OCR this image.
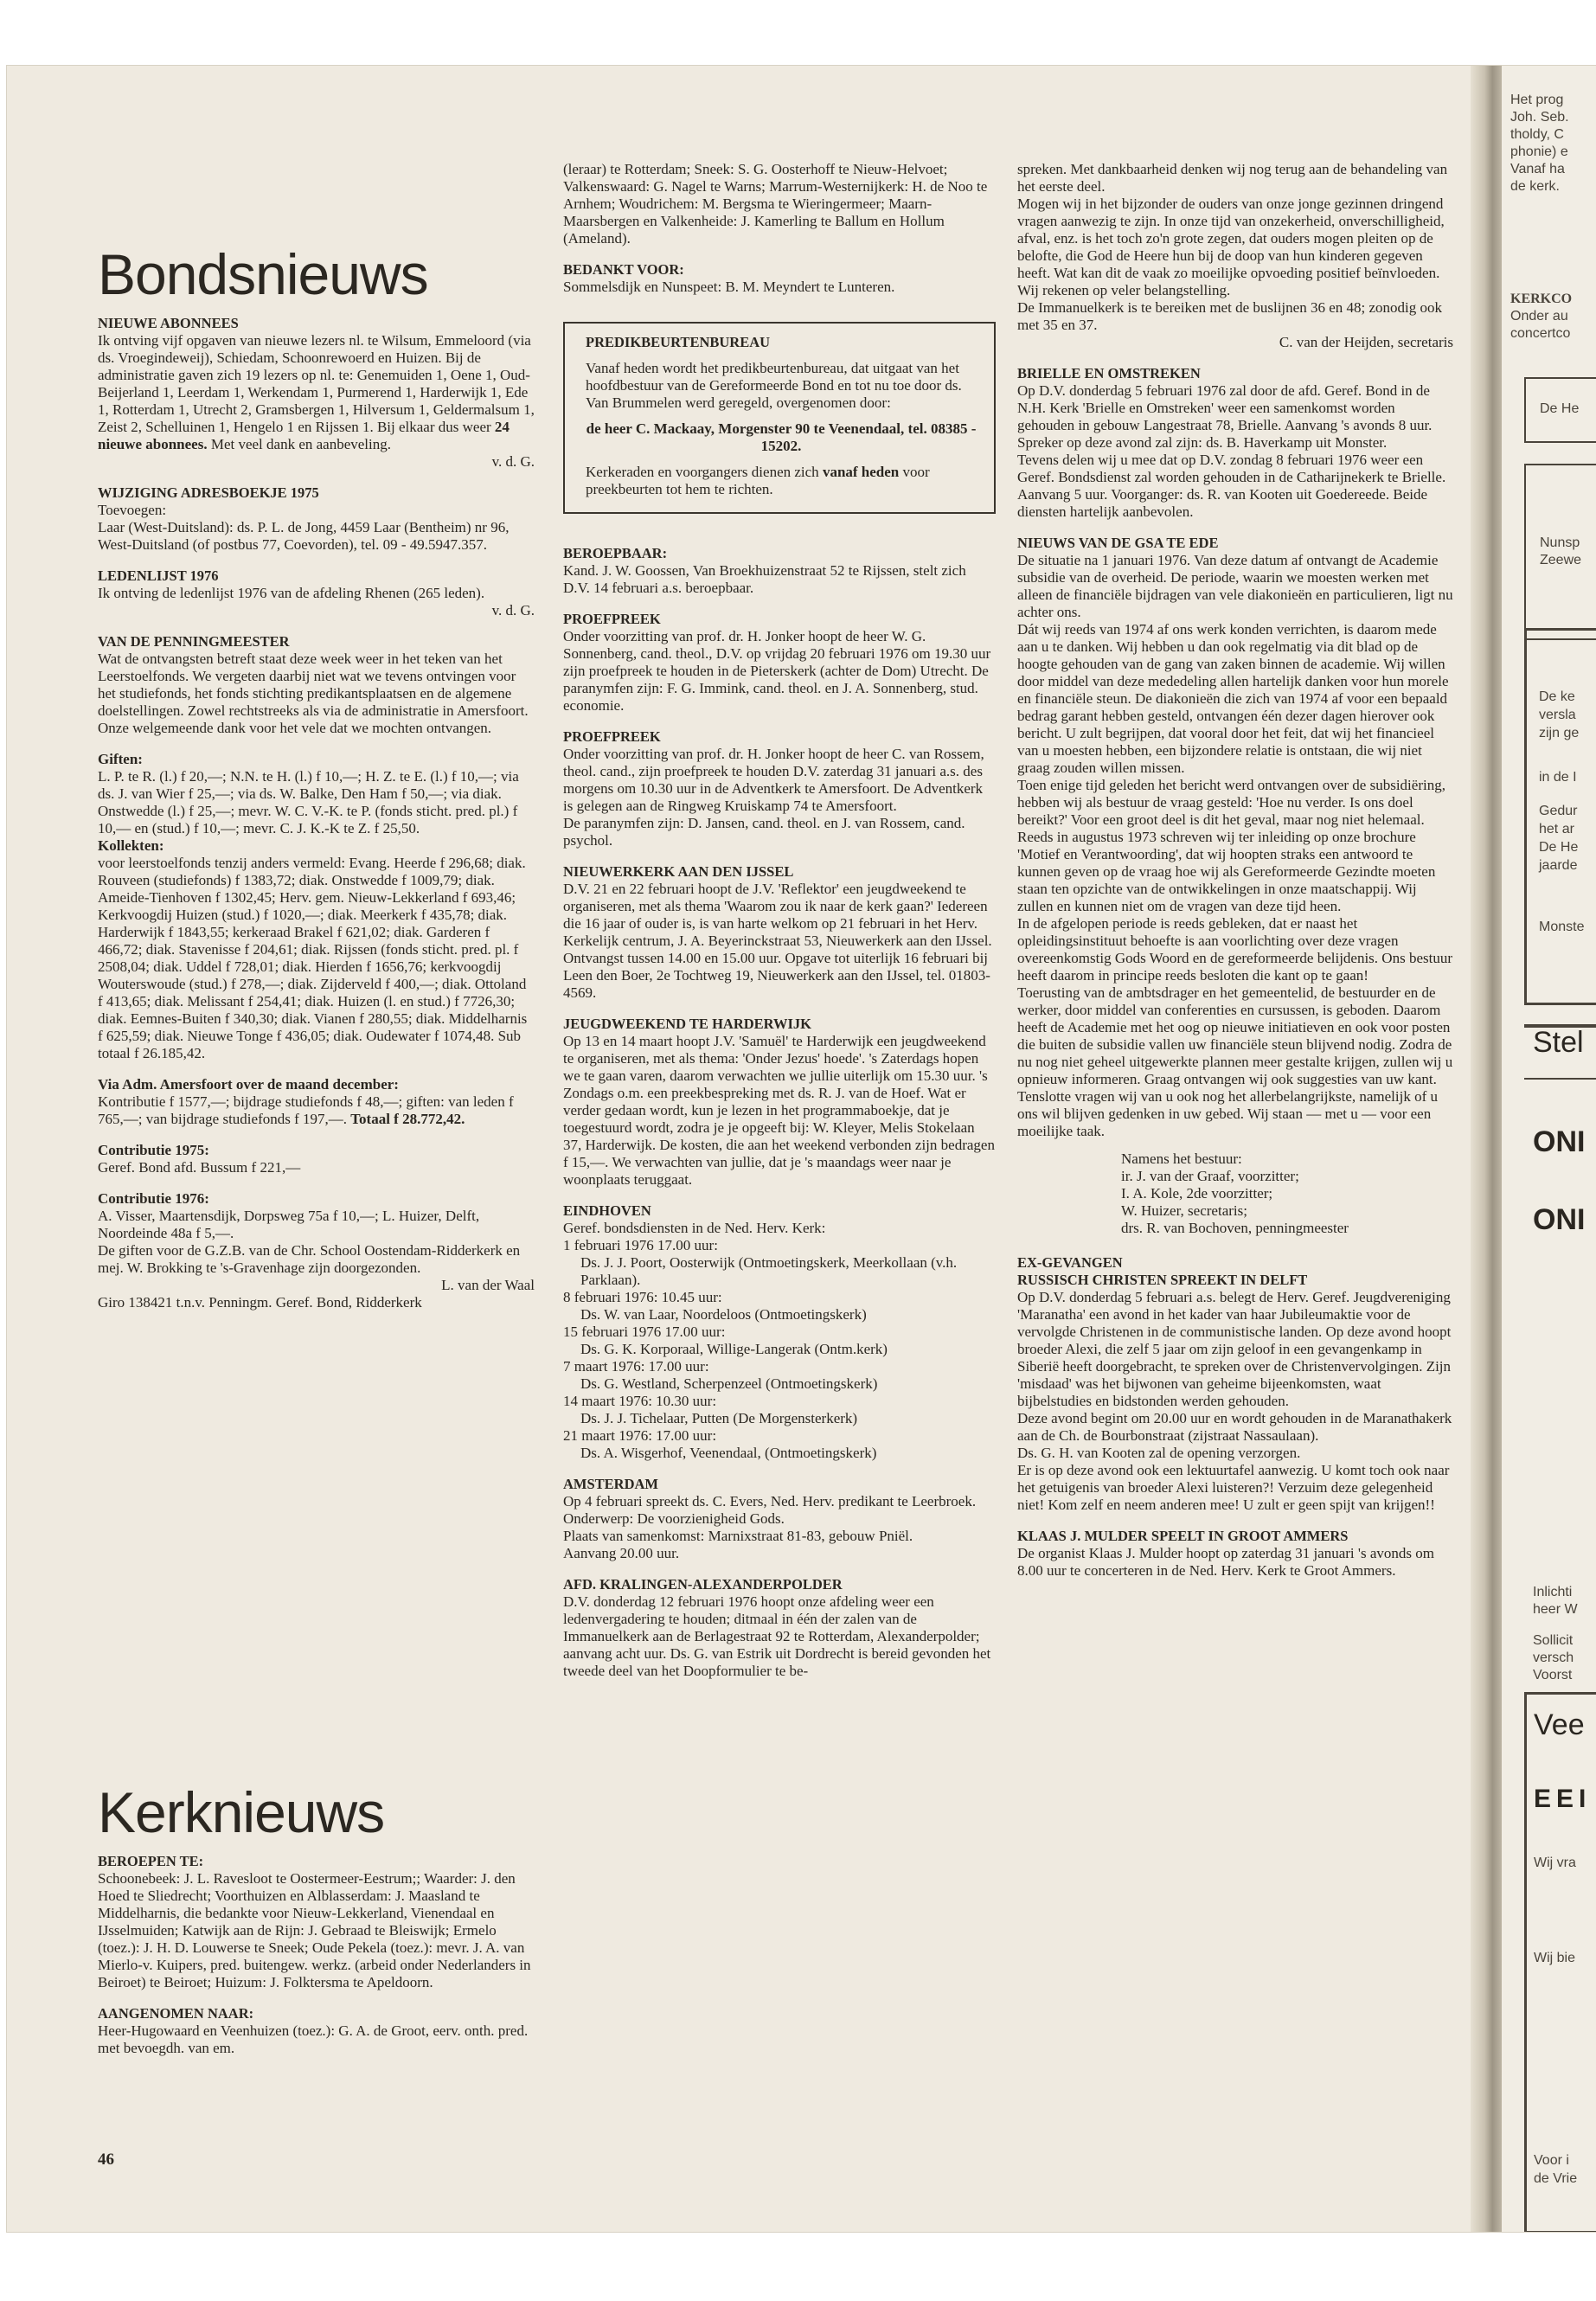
Het prog
Joh. Seb.
tholdy, C
phonie) e
Vanaf ha
de kerk.
KERKCO
Onder au
concertco
De He
Nunsp
Zeewe
De ke
versla
zijn ge
in de I
Gedur
het ar
De He
jaarde
Monste
Stel
ONI
ONI
Inlichti
heer W
Sollicit
versch
Voorst
Vee
EEI
Wij vra
Wij bie
Voor i
de Vrie
Bondsnieuws

NIEUWE ABONNEES

Ik ontving vijf opgaven van nieuwe lezers nl. te Wilsum, Emmeloord (via ds. Vroegindeweij), Schiedam, Schoonrewoerd en Huizen. Bij de administratie gaven zich 19 lezers op nl. te: Genemuiden 1, Oene 1, Oud-Beijerland 1, Leerdam 1, Werkendam 1, Purmerend 1, Harderwijk 1, Ede 1, Rotterdam 1, Utrecht 2, Gramsbergen 1, Hilversum 1, Geldermalsum 1, Zeist 2, Schelluinen 1, Hengelo 1 en Rijssen 1. Bij elkaar dus weer 24 nieuwe abonnees. Met veel dank en aanbeveling.

v. d. G.

WIJZIGING ADRESBOEKJE 1975

Toevoegen:

Laar (West-Duitsland): ds. P. L. de Jong, 4459 Laar (Bentheim) nr 96, West-Duitsland (of postbus 77, Coevorden), tel. 09 - 49.5947.357.

LEDENLIJST 1976

Ik ontving de ledenlijst 1976 van de afdeling Rhenen (265 leden).

v. d. G.

VAN DE PENNINGMEESTER

Wat de ontvangsten betreft staat deze week weer in het teken van het Leerstoelfonds. We vergeten daarbij niet wat we tevens ontvingen voor het studiefonds, het fonds stichting predikantsplaatsen en de algemene doelstellingen. Zowel rechtstreeks als via de administratie in Amersfoort.

Onze welgemeende dank voor het vele dat we mochten ontvangen.

Giften:

L. P. te R. (l.) f 20,—; N.N. te H. (l.) f 10,—; H. Z. te E. (l.) f 10,—; via ds. J. van Wier f 25,—; via ds. W. Balke, Den Ham f 50,—; via diak. Onstwedde (l.) f 25,—; mevr. W. C. V.-K. te P. (fonds sticht. pred. pl.) f 10,— en (stud.) f 10,—; mevr. C. J. K.-K te Z. f 25,50.

Kollekten:

voor leerstoelfonds tenzij anders vermeld: Evang. Heerde f 296,68; diak. Rouveen (studiefonds) f 1383,72; diak. Onstwedde f 1009,79; diak. Ameide-Tienhoven f 1302,45; Herv. gem. Nieuw-Lekkerland f 693,46; Kerkvoogdij Huizen (stud.) f 1020,—; diak. Meerkerk f 435,78; diak. Harderwijk f 1843,55; kerkeraad Brakel f 621,02; diak. Garderen f 466,72; diak. Stavenisse f 204,61; diak. Rijssen (fonds sticht. pred. pl. f 2508,04; diak. Uddel f 728,01; diak. Hierden f 1656,76; kerkvoogdij Wouterswoude (stud.) f 278,—; diak. Zijderveld f 400,—; diak. Ottoland f 413,65; diak. Melissant f 254,41; diak. Huizen (l. en stud.) f 7726,30; diak. Eemnes-Buiten f 340,30; diak. Vianen f 280,55; diak. Middelharnis f 625,59; diak. Nieuwe Tonge f 436,05; diak. Oudewater f 1074,48. Sub totaal f 26.185,42.

Via Adm. Amersfoort over de maand december:

Kontributie f 1577,—; bijdrage studiefonds f 48,—; giften: van leden f 765,—; van bijdrage studiefonds f 197,—. Totaal f 28.772,42.

Contributie 1975:

Geref. Bond afd. Bussum f 221,—

Contributie 1976:

A. Visser, Maartensdijk, Dorpsweg 75a f 10,—; L. Huizer, Delft, Noordeinde 48a f 5,—.

De giften voor de G.Z.B. van de Chr. School Oostendam-Ridderkerk en mej. W. Brokking te 's-Gravenhage zijn doorgezonden.

L. van der Waal

Giro 138421 t.n.v. Penningm. Geref. Bond, Ridderkerk

Kerknieuws

BEROEPEN TE:

Schoonebeek: J. L. Ravesloot te Oostermeer-Eestrum;; Waarder: J. den Hoed te Sliedrecht; Voorthuizen en Alblasserdam: J. Maasland te Middelharnis, die bedankte voor Nieuw-Lekkerland, Vienendaal en IJsselmuiden; Katwijk aan de Rijn: J. Gebraad te Bleiswijk; Ermelo (toez.): J. H. D. Louwerse te Sneek; Oude Pekela (toez.): mevr. J. A. van Mierlo-v. Kuipers, pred. buitengew. werkz. (arbeid onder Nederlanders in Beiroet) te Beiroet; Huizum: J. Folktersma te Apeldoorn.

AANGENOMEN NAAR:

Heer-Hugowaard en Veenhuizen (toez.): G. A. de Groot, eerv. onth. pred. met bevoegdh. van em.

46

(leraar) te Rotterdam; Sneek: S. G. Oosterhoff te Nieuw-Helvoet; Valkenswaard: G. Nagel te Warns; Marrum-Westernijkerk: H. de Noo te Arnhem; Woudrichem: M. Bergsma te Wieringermeer; Maarn-Maarsbergen en Valkenheide: J. Kamerling te Ballum en Hollum (Ameland).

BEDANKT VOOR:

Sommelsdijk en Nunspeet: B. M. Meyndert te Lunteren.

PREDIKBEURTENBUREAU

Vanaf heden wordt het predikbeurtenbureau, dat uitgaat van het hoofdbestuur van de Gereformeerde Bond en tot nu toe door ds. Van Brummelen werd geregeld, overgenomen door:

de heer C. Mackaay, Morgenster 90 te Veenendaal, tel. 08385 - 15202.

Kerkeraden en voorgangers dienen zich vanaf heden voor preekbeurten tot hem te richten.

BEROEPBAAR:

Kand. J. W. Goossen, Van Broekhuizenstraat 52 te Rijssen, stelt zich D.V. 14 februari a.s. beroepbaar.

PROEFPREEK

Onder voorzitting van prof. dr. H. Jonker hoopt de heer W. G. Sonnenberg, cand. theol., D.V. op vrijdag 20 februari 1976 om 19.30 uur zijn proefpreek te houden in de Pieterskerk (achter de Dom) Utrecht. De paranymfen zijn: F. G. Immink, cand. theol. en J. A. Sonnenberg, stud. economie.

PROEFPREEK

Onder voorzitting van prof. dr. H. Jonker hoopt de heer C. van Rossem, theol. cand., zijn proefpreek te houden D.V. zaterdag 31 januari a.s. des morgens om 10.30 uur in de Adventkerk te Amersfoort. De Adventkerk is gelegen aan de Ringweg Kruiskamp 74 te Amersfoort.

De paranymfen zijn: D. Jansen, cand. theol. en J. van Rossem, cand. psychol.

NIEUWERKERK AAN DEN IJSSEL

D.V. 21 en 22 februari hoopt de J.V. 'Reflektor' een jeugdweekend te organiseren, met als thema 'Waarom zou ik naar de kerk gaan?' Iedereen die 16 jaar of ouder is, is van harte welkom op 21 februari in het Herv. Kerkelijk centrum, J. A. Beyerinckstraat 53, Nieuwerkerk aan den IJssel. Ontvangst tussen 14.00 en 15.00 uur. Opgave tot uiterlijk 16 februari bij Leen den Boer, 2e Tochtweg 19, Nieuwerkerk aan den IJssel, tel. 01803-4569.

JEUGDWEEKEND TE HARDERWIJK

Op 13 en 14 maart hoopt J.V. 'Samuël' te Harderwijk een jeugdweekend te organiseren, met als thema: 'Onder Jezus' hoede'. 's Zaterdags hopen we te gaan varen, daarom verwachten we jullie uiterlijk om 15.30 uur. 's Zondags o.m. een preekbespreking met ds. R. J. van de Hoef. Wat er verder gedaan wordt, kun je lezen in het programmaboekje, dat je toegestuurd wordt, zodra je je opgeeft bij: W. Kleyer, Melis Stokelaan 37, Harderwijk. De kosten, die aan het weekend verbonden zijn bedragen f 15,—. We verwachten van jullie, dat je 's maandags weer naar je woonplaats teruggaat.

EINDHOVEN

Geref. bondsdiensten in de Ned. Herv. Kerk:

1 februari 1976 17.00 uur:

Ds. J. J. Poort, Oosterwijk (Ontmoetingskerk, Meerkollaan (v.h. Parklaan).

8 februari 1976: 10.45 uur:

Ds. W. van Laar, Noordeloos (Ontmoetingskerk)

15 februari 1976 17.00 uur:

Ds. G. K. Korporaal, Willige-Langerak (Ontm.kerk)

7 maart 1976: 17.00 uur:

Ds. G. Westland, Scherpenzeel (Ontmoetingskerk)

14 maart 1976: 10.30 uur:

Ds. J. J. Tichelaar, Putten (De Morgensterkerk)

21 maart 1976: 17.00 uur:

Ds. A. Wisgerhof, Veenendaal, (Ontmoetingskerk)

AMSTERDAM

Op 4 februari spreekt ds. C. Evers, Ned. Herv. predikant te Leerbroek.

Onderwerp: De voorzienigheid Gods.

Plaats van samenkomst: Marnixstraat 81-83, gebouw Pniël.

Aanvang 20.00 uur.

AFD. KRALINGEN-ALEXANDERPOLDER

D.V. donderdag 12 februari 1976 hoopt onze afdeling weer een ledenvergadering te houden; ditmaal in één der zalen van de Immanuelkerk aan de Berlagestraat 92 te Rotterdam, Alexanderpolder; aanvang acht uur. Ds. G. van Estrik uit Dordrecht is bereid gevonden het tweede deel van het Doopformulier te be-

spreken. Met dankbaarheid denken wij nog terug aan de behandeling van het eerste deel.

Mogen wij in het bijzonder de ouders van onze jonge gezinnen dringend vragen aanwezig te zijn. In onze tijd van onzekerheid, onverschilligheid, afval, enz. is het toch zo'n grote zegen, dat ouders mogen pleiten op de belofte, die God de Heere hun bij de doop van hun kinderen gegeven heeft. Wat kan dit de vaak zo moeilijke opvoeding positief beïnvloeden. Wij rekenen op veler belangstelling.

De Immanuelkerk is te bereiken met de buslijnen 36 en 48; zonodig ook met 35 en 37.

C. van der Heijden, secretaris

BRIELLE EN OMSTREKEN

Op D.V. donderdag 5 februari 1976 zal door de afd. Geref. Bond in de N.H. Kerk 'Brielle en Omstreken' weer een samenkomst worden gehouden in gebouw Langestraat 78, Brielle. Aanvang 's avonds 8 uur. Spreker op deze avond zal zijn: ds. B. Haverkamp uit Monster.

Tevens delen wij u mee dat op D.V. zondag 8 februari 1976 weer een Geref. Bondsdienst zal worden gehouden in de Catharijnekerk te Brielle. Aanvang 5 uur. Voorganger: ds. R. van Kooten uit Goedereede. Beide diensten hartelijk aanbevolen.

NIEUWS VAN DE GSA TE EDE

De situatie na 1 januari 1976. Van deze datum af ontvangt de Academie subsidie van de overheid. De periode, waarin we moesten werken met alleen de financiële bijdragen van vele diakonieën en particulieren, ligt nu achter ons.

Dát wij reeds van 1974 af ons werk konden verrichten, is daarom mede aan u te danken. Wij hebben u dan ook regelmatig via dit blad op de hoogte gehouden van de gang van zaken binnen de academie. Wij willen door middel van deze mededeling allen hartelijk danken voor hun morele en financiële steun. De diakonieën die zich van 1974 af voor een bepaald bedrag garant hebben gesteld, ontvangen één dezer dagen hierover ook bericht. U zult begrijpen, dat vooral door het feit, dat wij het financieel van u moesten hebben, een bijzondere relatie is ontstaan, die wij niet graag zouden willen missen.

Toen enige tijd geleden het bericht werd ontvangen over de subsidiëring, hebben wij als bestuur de vraag gesteld: 'Hoe nu verder. Is ons doel bereikt?' Voor een groot deel is dit het geval, maar nog niet helemaal. Reeds in augustus 1973 schreven wij ter inleiding op onze brochure 'Motief en Verantwoording', dat wij hoopten straks een antwoord te kunnen geven op de vraag hoe wij als Gereformeerde Gezindte moeten staan ten opzichte van de ontwikkelingen in onze maatschappij. Wij zullen en kunnen niet om de vragen van deze tijd heen.

In de afgelopen periode is reeds gebleken, dat er naast het opleidingsinstituut behoefte is aan voorlichting over deze vragen overeenkomstig Gods Woord en de gereformeerde belijdenis. Ons bestuur heeft daarom in principe reeds besloten die kant op te gaan!

Toerusting van de ambtsdrager en het gemeentelid, de bestuurder en de werker, door middel van conferenties en cursussen, is geboden. Daarom heeft de Academie met het oog op nieuwe initiatieven en ook voor posten die buiten de subsidie vallen uw financiële steun blijvend nodig. Zodra de nu nog niet geheel uitgewerkte plannen meer gestalte krijgen, zullen wij u opnieuw informeren. Graag ontvangen wij ook suggesties van uw kant.

Tenslotte vragen wij van u ook nog het allerbelangrijkste, namelijk of u ons wil blijven gedenken in uw gebed. Wij staan — met u — voor een moeilijke taak.

Namens het bestuur:

ir. J. van der Graaf, voorzitter;

I. A. Kole, 2de voorzitter;

W. Huizer, secretaris;

drs. R. van Bochoven, penningmeester

EX-GEVANGEN

RUSSISCH CHRISTEN SPREEKT IN DELFT

Op D.V. donderdag 5 februari a.s. belegt de Herv. Geref. Jeugdvereniging 'Maranatha' een avond in het kader van haar Jubileumaktie voor de vervolgde Christenen in de communistische landen. Op deze avond hoopt broeder Alexi, die zelf 5 jaar om zijn geloof in een gevangenkamp in Siberië heeft doorgebracht, te spreken over de Christenvervolgingen. Zijn 'misdaad' was het bijwonen van geheime bijeenkomsten, waat bijbelstudies en bidstonden werden gehouden.

Deze avond begint om 20.00 uur en wordt gehouden in de Maranathakerk aan de Ch. de Bourbonstraat (zijstraat Nassaulaan).

Ds. G. H. van Kooten zal de opening verzorgen.

Er is op deze avond ook een lektuurtafel aanwezig. U komt toch ook naar het getuigenis van broeder Alexi luisteren?! Verzuim deze gelegenheid niet! Kom zelf en neem anderen mee! U zult er geen spijt van krijgen!!

KLAAS J. MULDER SPEELT IN GROOT AMMERS

De organist Klaas J. Mulder hoopt op zaterdag 31 januari 's avonds om 8.00 uur te concerteren in de Ned. Herv. Kerk te Groot Ammers.
